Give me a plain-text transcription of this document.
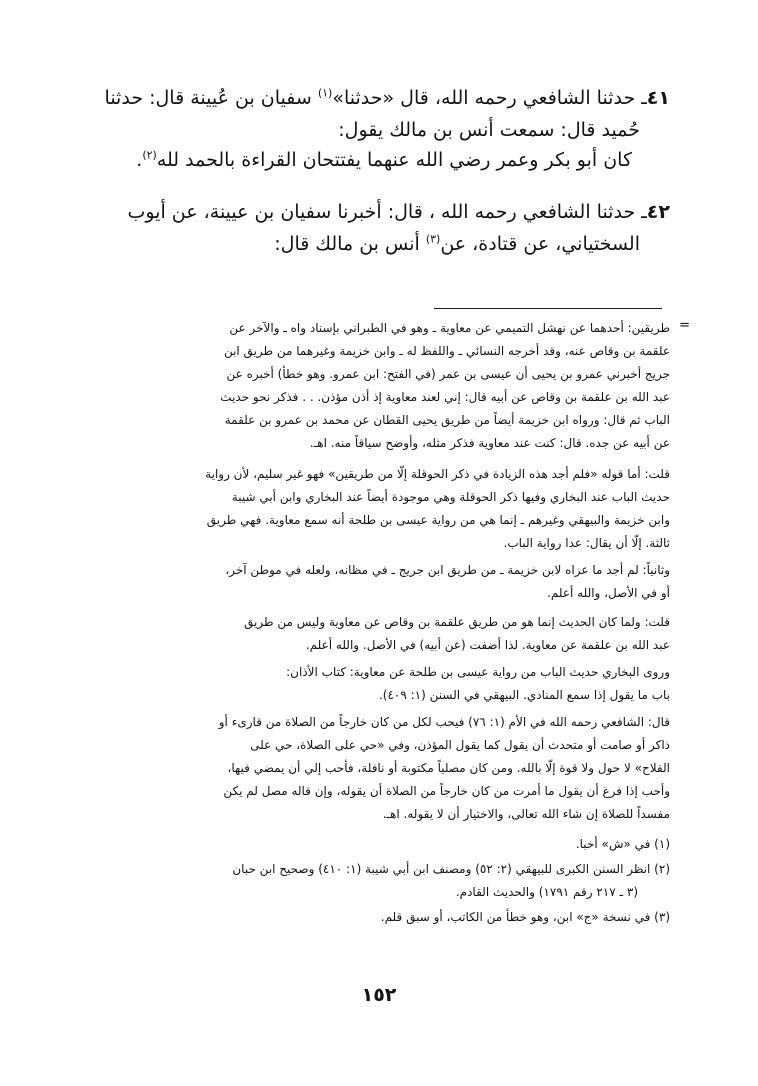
٤١ـ حدثنا الشافعي رحمه الله، قال «حدثنا»$^{(١)}$ سفيان بن عُيينة قال: حدثنا
حُميد قال: سمعت أنس بن مالك يقول:
كان أبو بكر وعمر رضي الله عنهما يفتتحان القراءة بالحمد لله$^{(٢)}$.
٤٢ـ حدثنا الشافعي رحمه الله ، قال: أخبرنا سفيان بن عيينة، عن أيوب
السختياني، عن قتادة، عن$^{(٣)}$ أنس بن مالك قال:
=
طريقين: أحدهما عن نهشل التميمي عن معاوية ـ وهو في الطبراني بإسناد واه ـ والآخر عن
علقمة بن وقاص عنه، وقد أخرجه النسائي ـ واللفظ له ـ وابن خزيمة وغيرهما من طريق ابن
جريج أخبرني عمرو بن يحيى أن عيسى بن عمر (في الفتح: ابن عمرو. وهو خطأ) أخبره عن
عبد الله بن علقمة بن وقاص عن أبيه قال: إني لعند معاوية إذ أذن مؤذن. . . فذكر نحو حديث
الباب ثم قال: ورواه ابن خزيمة أيضاً من طريق يحيى القطان عن محمد بن عمرو بن علقمة
عن أبيه عن جده. قال: كنت عند معاوية فذكر مثله، وأوضح سياقاً منه. اهـ.
قلت: أما قوله «فلم أجد هذه الزيادة في ذكر الحوقلة إلّا من طريقين» فهو غير سليم، لأن رواية
حديث الباب عند البخاري وفيها ذكر الحوقلة وهي موجودة أيضاً عند البخاري وابن أبي شيبة
وابن خزيمة والبيهقي وغيرهم ـ إنما هي من رواية عيسى بن طلحة أنه سمع معاوية. فهي طريق
ثالثة. إلّا أن يقال: عدا رواية الباب.
وثانياً: لم أجد ما عزاه لابن خزيمة ـ من طريق ابن جريج ـ في مظانه، ولعله في موطن آخر،
أو في الأصل، والله أعلم.
قلت: ولما كان الحديث إنما هو من طريق علقمة بن وقاص عن معاوية وليس من طريق
عبد الله بن علقمة عن معاوية. لذا أضفت (عن أبيه) في الأصل. والله أعلم.
وروى البخاري حديث الباب من رواية عيسى بن طلحة عن معاوية: كتاب الأذان:
باب ما يقول إذا سمع المنادي. البيهقي في السنن (١: ٤٠٩).
قال: الشافعي رحمه الله في الأم (١: ٧٦) فيحب لكل من كان خارجاً من الصلاة من قارىء أو
ذاكر أو صامت أو متحدث أن يقول كما يقول المؤذن، وفي «حي على الصلاة، حي على
الفلاح» لا حول ولا قوة إلّا بالله. ومن كان مصلياً مكتوبة أو نافلة، فأحب إلي أن يمضي فيها،
وأحب إذا فرغ أن يقول ما أمرت من كان خارجاً من الصلاة أن يقوله، وإن قاله مصل لم يكن
مفسداً للصلاة إن شاء الله تعالى، والاختيار أن لا يقوله. اهـ.
(١) في «ش» أخبا.
(٢) انظر السنن الكبرى للبيهقي (٢: ٥٢) ومصنف ابن أبي شيبة (١: ٤١٠) وصحيح ابن حبان
(٣ ـ ٢١٧ رقم ١٧٩١) والحديث القادم.
(٣) في نسخة «ج» ابن، وهو خطأ من الكاتب، أو سبق قلم.
١٥٢
